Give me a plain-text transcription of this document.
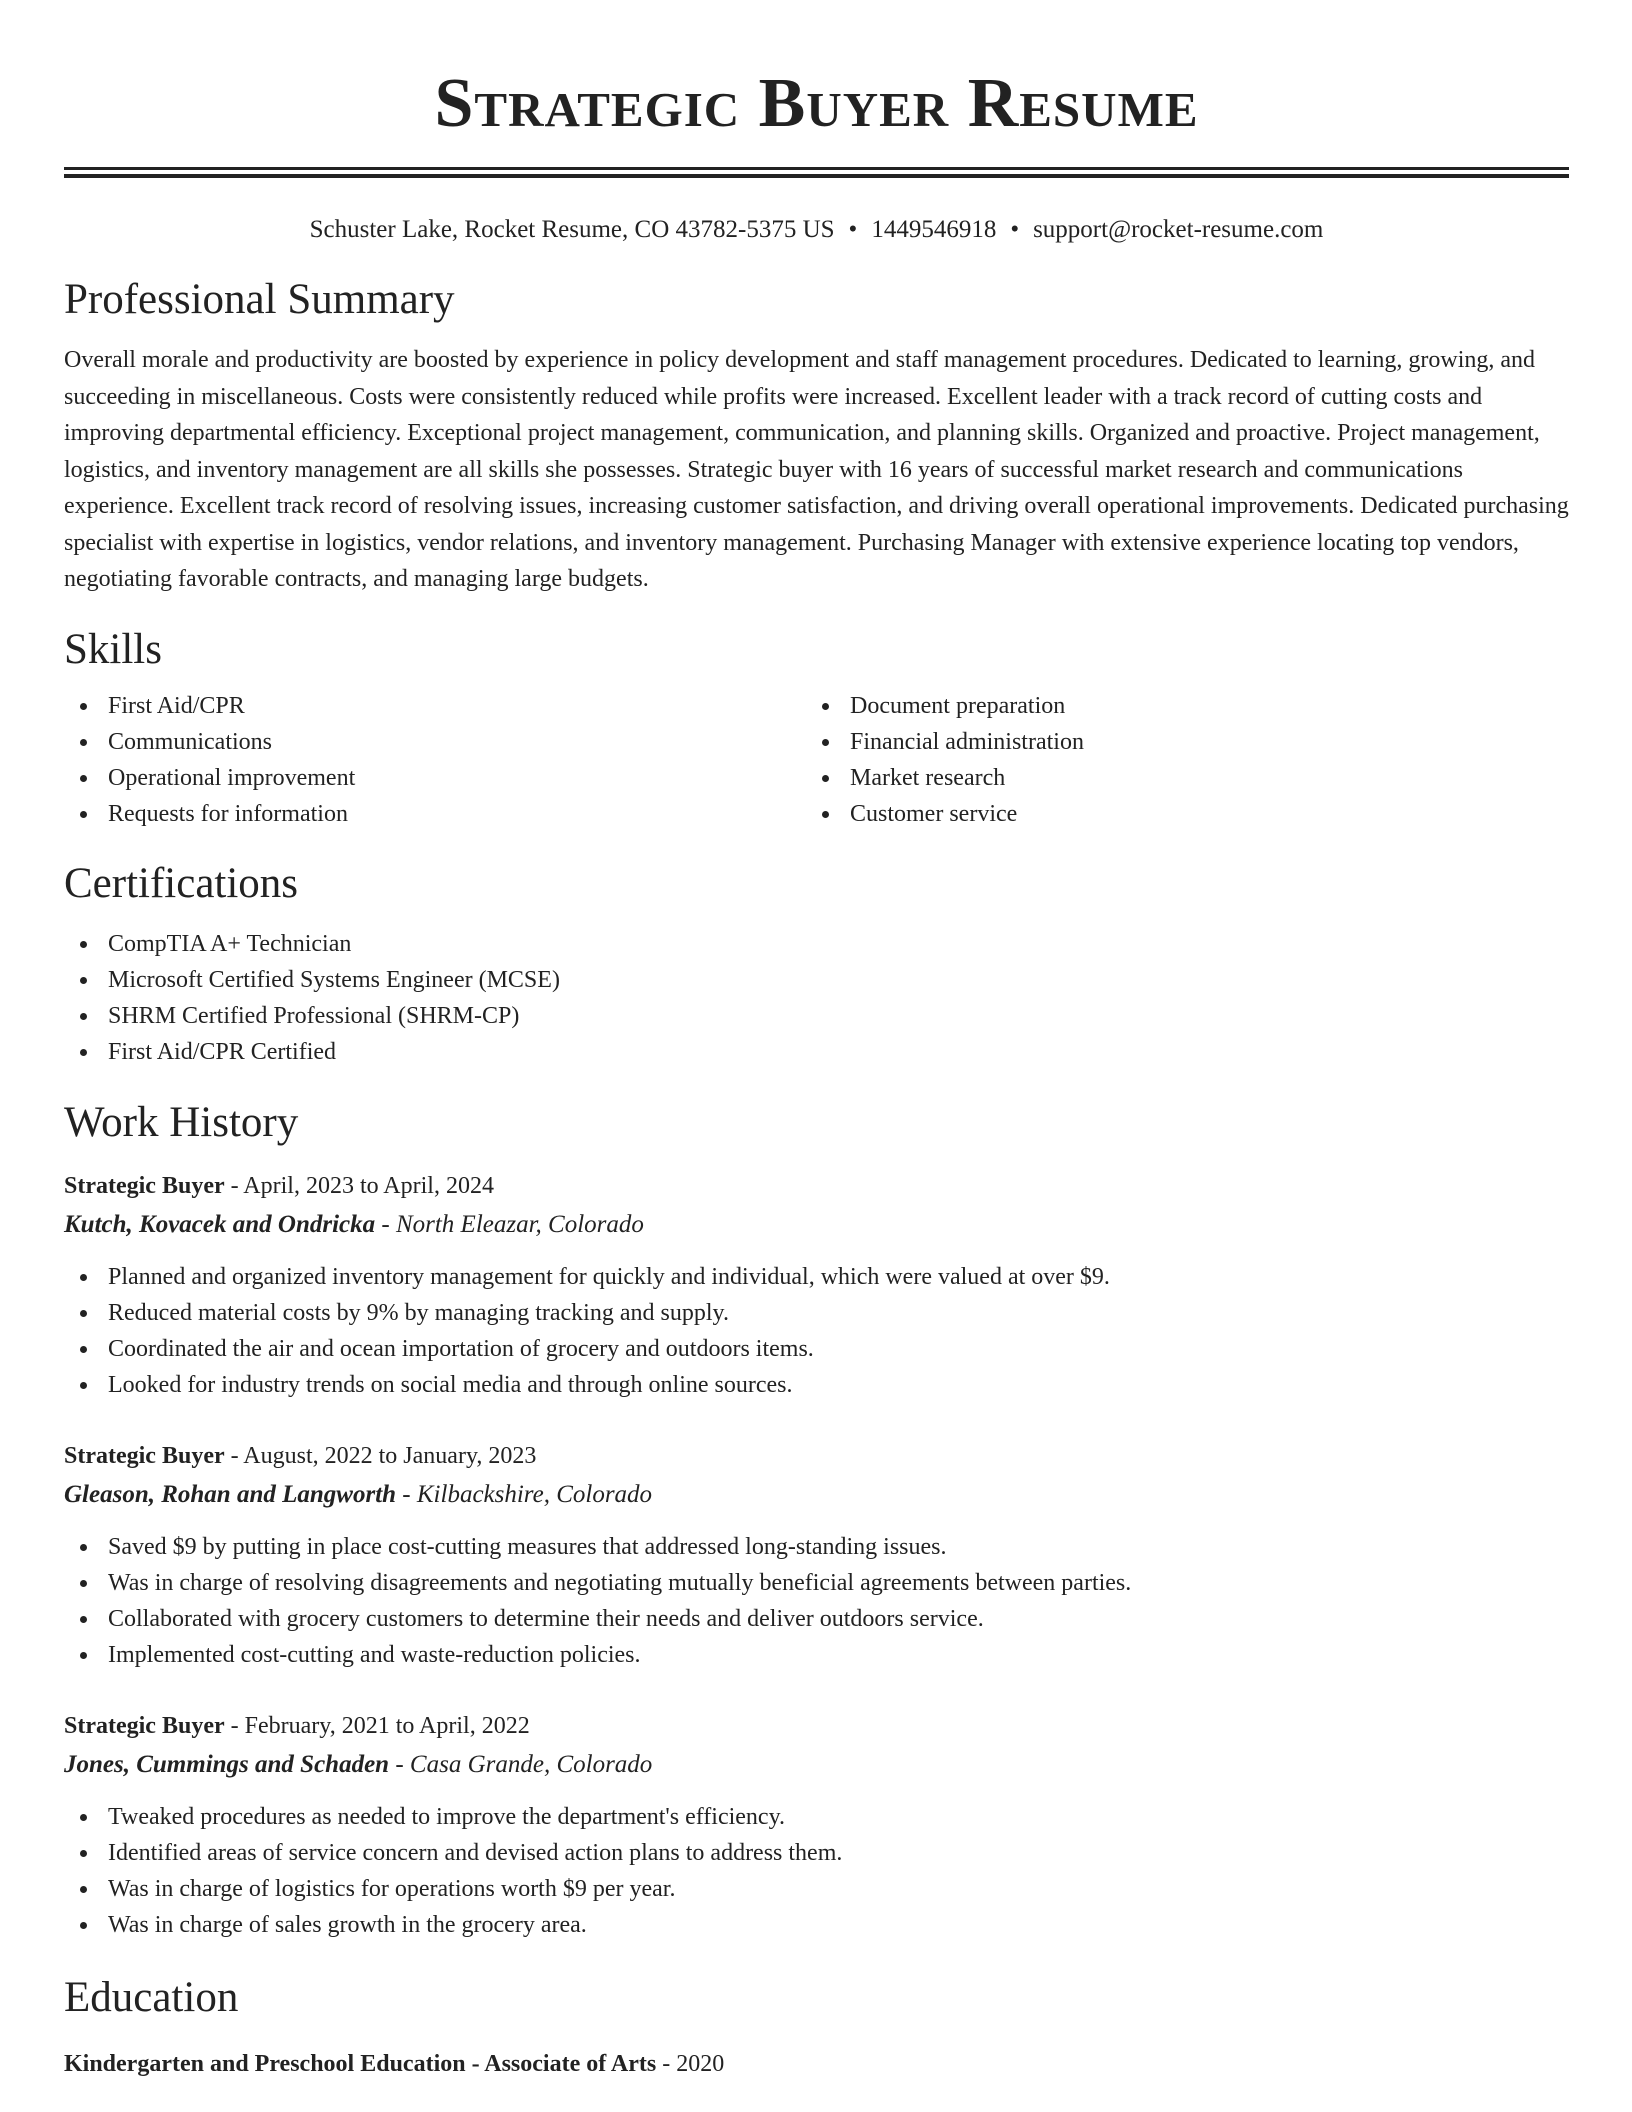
Strategic Buyer Resume
Schuster Lake, Rocket Resume, CO 43782-5375 US • 1449546918 • support@rocket-resume.com
Professional Summary

Overall morale and productivity are boosted by experience in policy development and staff management procedures. Dedicated to learning, growing, and succeeding in miscellaneous. Costs were consistently reduced while profits were increased. Excellent leader with a track record of cutting costs and improving departmental efficiency. Exceptional project management, communication, and planning skills. Organized and proactive. Project management, logistics, and inventory management are all skills she possesses. Strategic buyer with 16 years of successful market research and communications experience. Excellent track record of resolving issues, increasing customer satisfaction, and driving overall operational improvements. Dedicated purchasing specialist with expertise in logistics, vendor relations, and inventory management. Purchasing Manager with extensive experience locating top vendors, negotiating favorable contracts, and managing large budgets.

Skills
First Aid/CPR
Communications
Operational improvement
Requests for information
Document preparation
Financial administration
Market research
Customer service
Certifications
CompTIA A+ Technician
Microsoft Certified Systems Engineer (MCSE)
SHRM Certified Professional (SHRM-CP)
First Aid/CPR Certified
Work History
Strategic Buyer - April, 2023 to April, 2024
Kutch, Kovacek and Ondricka - North Eleazar, Colorado
Planned and organized inventory management for quickly and individual, which were valued at over $9.
Reduced material costs by 9% by managing tracking and supply.
Coordinated the air and ocean importation of grocery and outdoors items.
Looked for industry trends on social media and through online sources.
Strategic Buyer - August, 2022 to January, 2023
Gleason, Rohan and Langworth - Kilbackshire, Colorado
Saved $9 by putting in place cost-cutting measures that addressed long-standing issues.
Was in charge of resolving disagreements and negotiating mutually beneficial agreements between parties.
Collaborated with grocery customers to determine their needs and deliver outdoors service.
Implemented cost-cutting and waste-reduction policies.
Strategic Buyer - February, 2021 to April, 2022
Jones, Cummings and Schaden - Casa Grande, Colorado
Tweaked procedures as needed to improve the department's efficiency.
Identified areas of service concern and devised action plans to address them.
Was in charge of logistics for operations worth $9 per year.
Was in charge of sales growth in the grocery area.
Education
Kindergarten and Preschool Education - Associate of Arts - 2020
